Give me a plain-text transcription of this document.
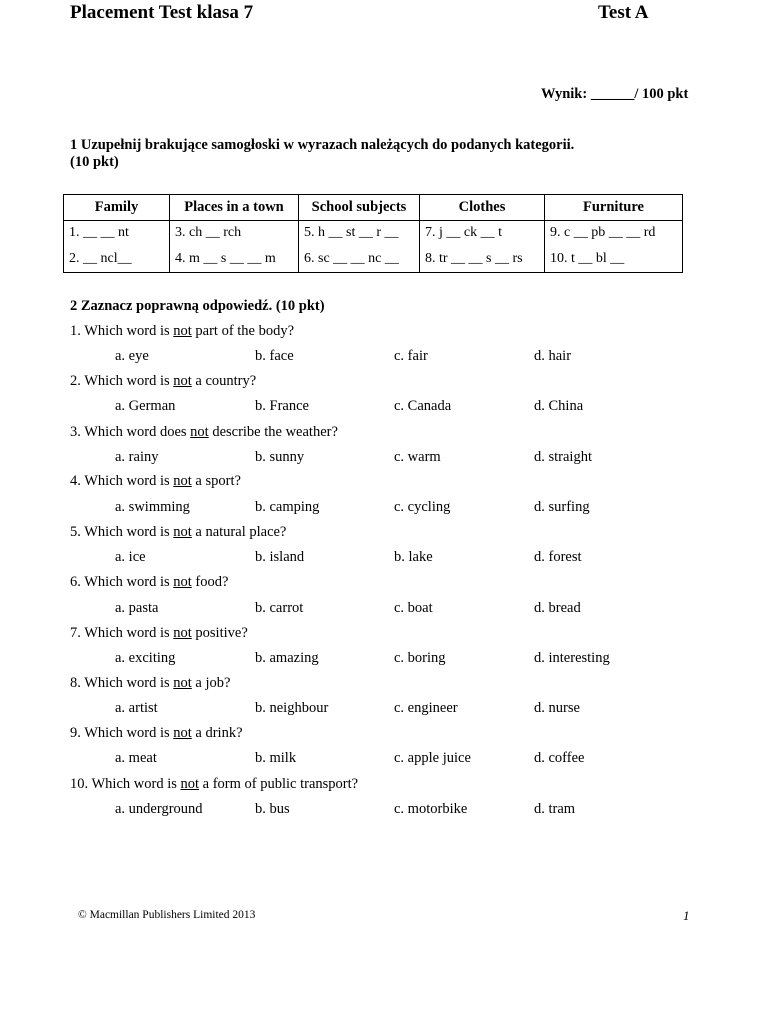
Placement Test klasa 7	Test A
Wynik: ______/ 100 pkt
1 Uzupełnij brakujące samogłoski w wyrazach należących do podanych kategorii.
(10 pkt)
Family	Places in a town	School subjects	Clothes	Furniture
1. __ __ nt	3. ch __ rch	5. h __ st __ r __	7. j __ ck __ t	9. c __ pb __ __ rd
2. __ ncl__	4. m __ s __ __ m	6. sc __ __ nc __	8. tr __ __ s __ rs	10. t __ bl __
2 Zaznacz poprawną odpowiedź. (10 pkt)
1. Which word is not part of the body?
a. eye	b. face	c. fair	d. hair
2. Which word is not a country?
a. German	b. France	c. Canada	d. China
3. Which word does not describe the weather?
a. rainy	b. sunny	c. warm	d. straight
4. Which word is not a sport?
a. swimming	b. camping	c. cycling	d. surfing
5. Which word is not a natural place?
a. ice	b. island	b. lake	d. forest
6. Which word is not food?
a. pasta	b. carrot	c. boat	d. bread
7. Which word is not positive?
a. exciting	b. amazing	c. boring	d. interesting
8. Which word is not a job?
a. artist	b. neighbour	c. engineer	d. nurse
9. Which word is not a drink?
a. meat	b. milk	c. apple juice	d. coffee
10. Which word is not a form of public transport?
a. underground	b. bus	c. motorbike	d. tram
© Macmillan Publishers Limited 2013	1
